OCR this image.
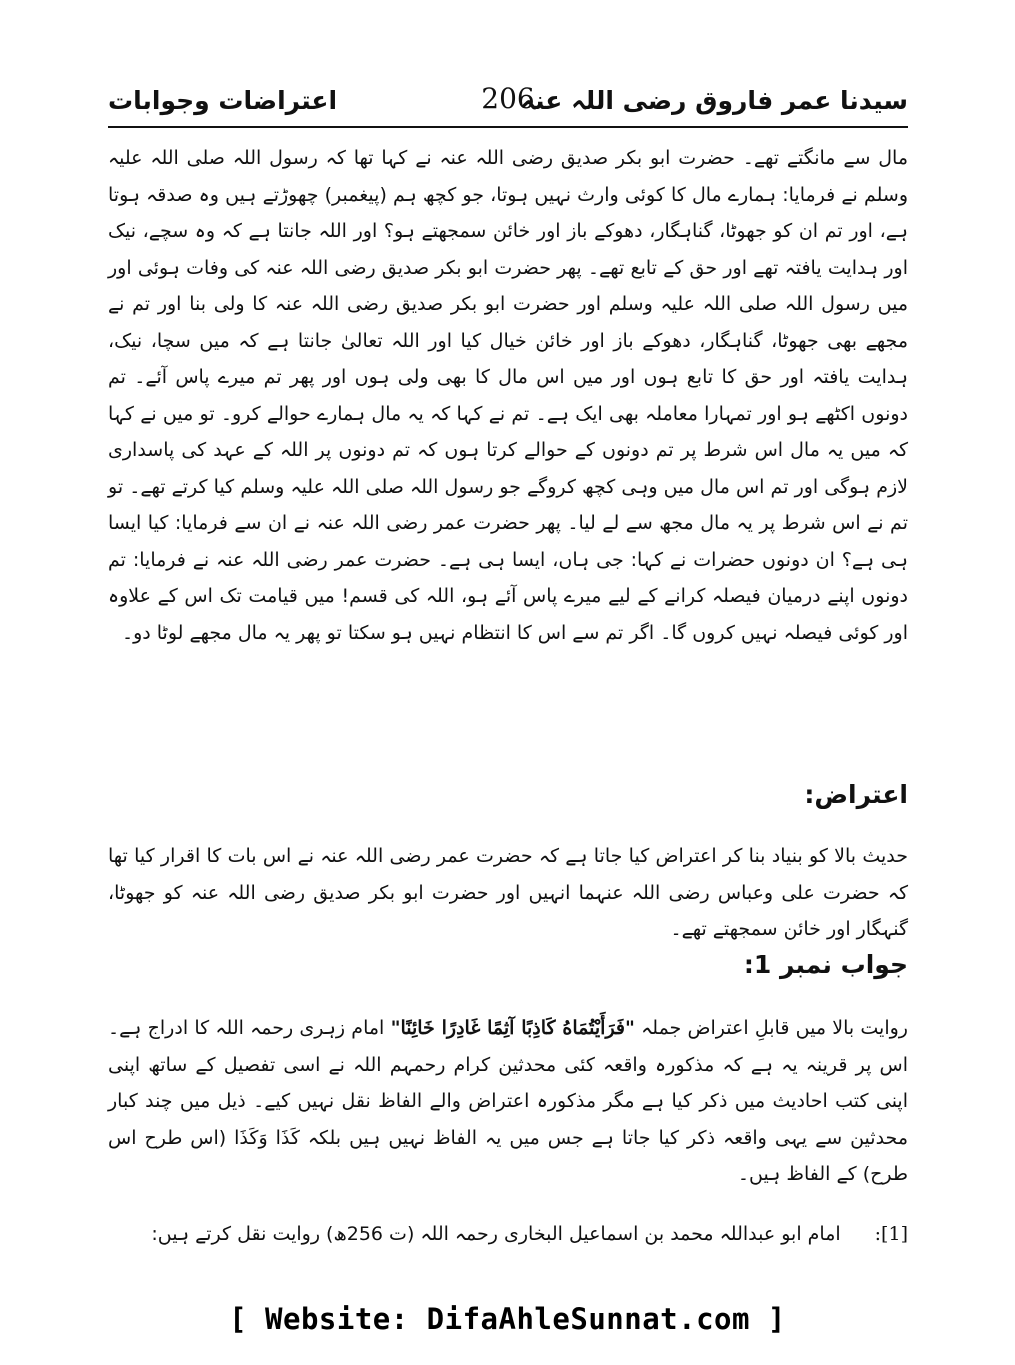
سیدنا عمر فاروق رضی اللہ عنہ
206
اعتراضات وجوابات

مال سے مانگتے تھے۔ حضرت ابو بکر صدیق رضی اللہ عنہ نے کہا تھا کہ رسول اللہ صلی اللہ علیہ وسلم نے فرمایا: ہمارے مال کا کوئی وارث نہیں ہوتا، جو کچھ ہم (پیغمبر) چھوڑتے ہیں وہ صدقہ ہوتا ہے، اور تم ان کو جھوٹا، گناہگار، دھوکے باز اور خائن سمجھتے ہو؟ اور اللہ جانتا ہے کہ وہ سچے، نیک اور ہدایت یافتہ تھے اور حق کے تابع تھے۔ پھر حضرت ابو بکر صدیق رضی اللہ عنہ کی وفات ہوئی اور میں رسول اللہ صلی اللہ علیہ وسلم اور حضرت ابو بکر صدیق رضی اللہ عنہ کا ولی بنا اور تم نے مجھے بھی جھوٹا، گناہگار، دھوکے باز اور خائن خیال کیا اور اللہ تعالیٰ جانتا ہے کہ میں سچا، نیک، ہدایت یافتہ اور حق کا تابع ہوں اور میں اس مال کا بھی ولی ہوں اور پھر تم میرے پاس آئے۔ تم دونوں اکٹھے ہو اور تمہارا معاملہ بھی ایک ہے۔ تم نے کہا کہ یہ مال ہمارے حوالے کرو۔ تو میں نے کہا کہ میں یہ مال اس شرط پر تم دونوں کے حوالے کرتا ہوں کہ تم دونوں پر اللہ کے عہد کی پاسداری لازم ہوگی اور تم اس مال میں وہی کچھ کروگے جو رسول اللہ صلی اللہ علیہ وسلم کیا کرتے تھے۔ تو تم نے اس شرط پر یہ مال مجھ سے لے لیا۔ پھر حضرت عمر رضی اللہ عنہ نے ان سے فرمایا: کیا ایسا ہی ہے؟ ان دونوں حضرات نے کہا: جی ہاں، ایسا ہی ہے۔ حضرت عمر رضی اللہ عنہ نے فرمایا: تم دونوں اپنے درمیان فیصلہ کرانے کے لیے میرے پاس آئے ہو، اللہ کی قسم! میں قیامت تک اس کے علاوہ اور کوئی فیصلہ نہیں کروں گا۔ اگر تم سے اس کا انتظام نہیں ہو سکتا تو پھر یہ مال مجھے لوٹا دو۔

اعتراض:

حدیث بالا کو بنیاد بنا کر اعتراض کیا جاتا ہے کہ حضرت عمر رضی اللہ عنہ نے اس بات کا اقرار کیا تھا کہ حضرت علی وعباس رضی اللہ عنہما انہیں اور حضرت ابو بکر صدیق رضی اللہ عنہ کو جھوٹا، گنہگار اور خائن سمجھتے تھے۔

جواب نمبر 1:

روایت بالا میں قابلِ اعتراض جملہ "فَرَأَيْتُمَاهُ كَاذِبًا آثِمًا غَادِرًا خَائِنًا" امام زہری رحمہ اللہ کا ادراج ہے۔ اس پر قرینہ یہ ہے کہ مذکورہ واقعہ کئی محدثین کرام رحمہم اللہ نے اسی تفصیل کے ساتھ اپنی اپنی کتب احادیث میں ذکر کیا ہے مگر مذکورہ اعتراض والے الفاظ نقل نہیں کیے۔ ذیل میں چند کبار محدثین سے یہی واقعہ ذکر کیا جاتا ہے جس میں یہ الفاظ نہیں ہیں بلکہ كَذَا وَكَذَا (اس طرح اس طرح) کے الفاظ ہیں۔

[1]:امام ابو عبداللہ محمد بن اسماعیل البخاری رحمہ اللہ (ت 256ھ) روایت نقل کرتے ہیں:
[ Website: DifaAhleSunnat.com ]
